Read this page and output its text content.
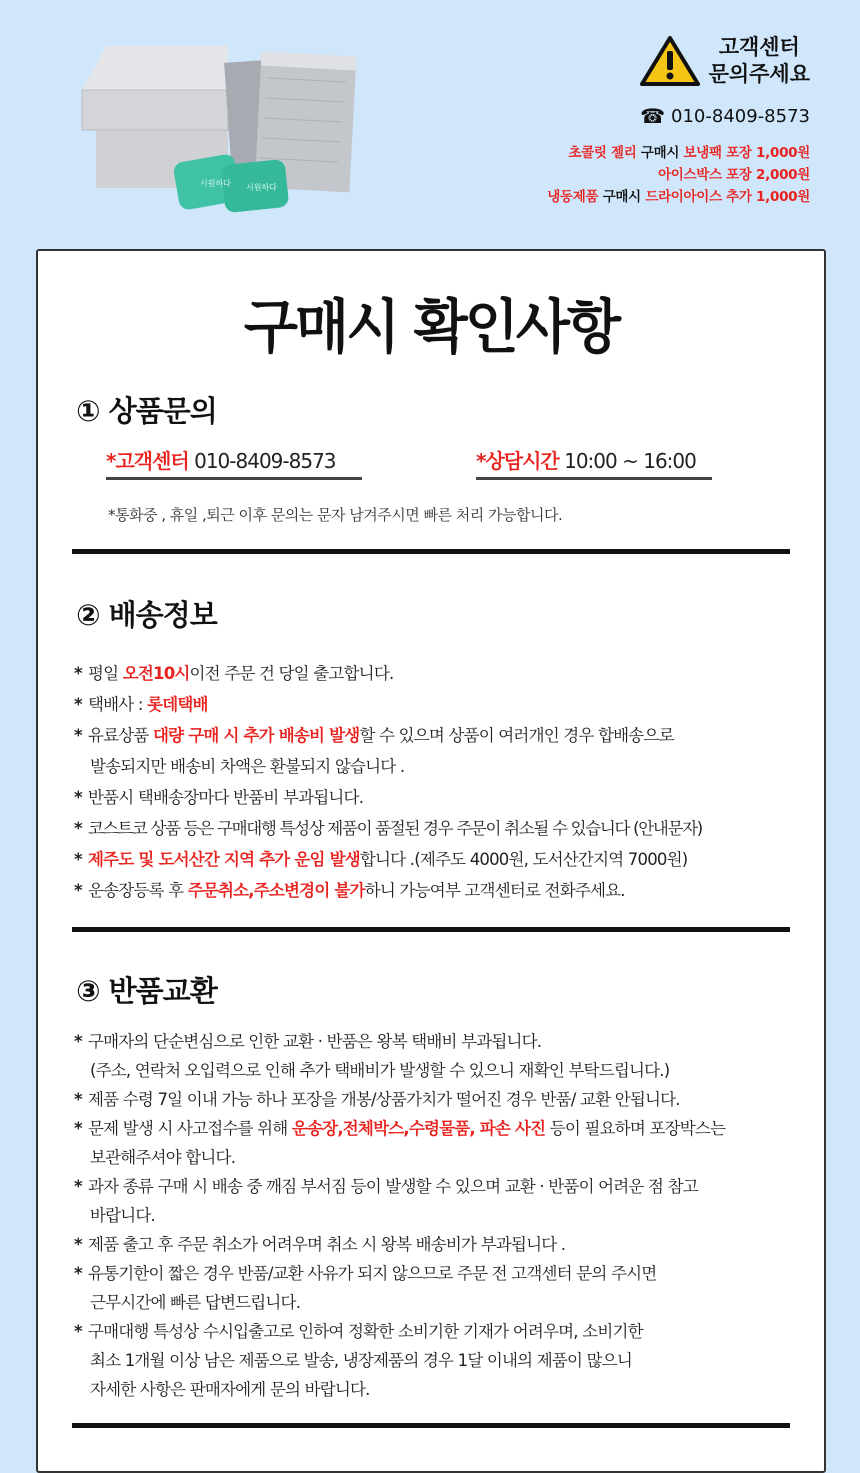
시원하다 시원하다
고객센터
문의주세요
☎ 010-8409-8573
초콜릿 젤리 구매시 보냉팩 포장 1,000원
아이스박스 포장 2,000원
냉동제품 구매시 드라이아이스 추가 1,000원
구매시 확인사항
① 상품문의
*고객센터 010-8409-8573	*상담시간 10:00 ~ 16:00
*통화중 , 휴일 ,퇴근 이후 문의는 문자 남겨주시면 빠른 처리 가능합니다.
② 배송정보
* 평일 오전10시이전 주문 건 당일 출고합니다.
* 택배사 : 롯데택배
* 유료상품 대량 구매 시 추가 배송비 발생할 수 있으며 상품이 여러개인 경우 합배송으로
발송되지만 배송비 차액은 환불되지 않습니다 .
* 반품시 택배송장마다 반품비 부과됩니다.
* 코스트코 상품 등은 구매대행 특성상 제품이 품절된 경우 주문이 취소될 수 있습니다 (안내문자)
* 제주도 및 도서산간 지역 추가 운임 발생합니다 .(제주도 4000원, 도서산간지역 7000원)
* 운송장등록 후 주문취소,주소변경이 불가하니 가능여부 고객센터로 전화주세요.
③ 반품교환
* 구매자의 단순변심으로 인한 교환 · 반품은 왕복 택배비 부과됩니다.
(주소, 연락처 오입력으로 인해 추가 택배비가 발생할 수 있으니 재확인 부탁드립니다.)
* 제품 수령 7일 이내 가능 하나 포장을 개봉/상품가치가 떨어진 경우 반품/ 교환 안됩니다.
* 문제 발생 시 사고접수를 위해 운송장,전체박스,수령물품, 파손 사진 등이 필요하며 포장박스는
보관해주셔야 합니다.
* 과자 종류 구매 시 배송 중 깨짐 부서짐 등이 발생할 수 있으며 교환 · 반품이 어려운 점 참고
바랍니다.
* 제품 출고 후 주문 취소가 어려우며 취소 시 왕복 배송비가 부과됩니다 .
* 유통기한이 짧은 경우 반품/교환 사유가 되지 않으므로 주문 전 고객센터 문의 주시면
근무시간에 빠른 답변드립니다.
* 구매대행 특성상 수시입출고로 인하여 정확한 소비기한 기재가 어려우며, 소비기한
최소 1개월 이상 남은 제품으로 발송, 냉장제품의 경우 1달 이내의 제품이 많으니
자세한 사항은 판매자에게 문의 바랍니다.
